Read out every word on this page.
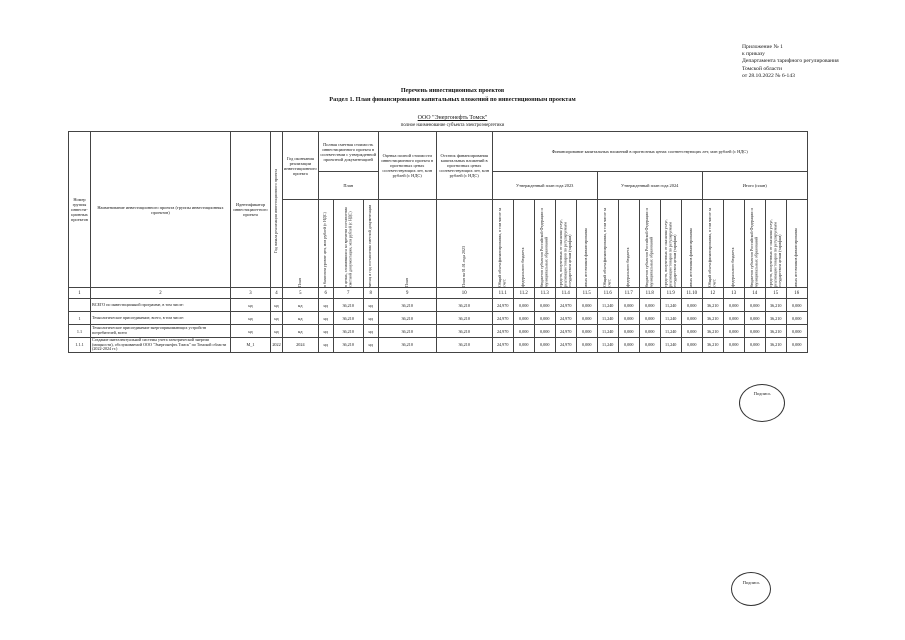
Приложение № 1
к приказу
Департамента тарифного регулирования
Томской области
от 28.10.2022 № 6-143
Перечень инвестиционных проектов
Раздел 1. План финансирования капитальных вложений по инвестиционным проектам
ООО "Энергонефть Томск"
полное наименование субъекта электроэнергетики
Номер группы инвести-ционных проектов	Наименование инвестиционного проекта (группы инвестиционных проектов)	Идентификатор инвестицион-ного проекта	Год начала реализации инвестиционного проекта	Год окончания реализации инвестиционного проекта	Полная сметная стоимость инвестиционного проекта в соответствии с утвержденной проектной документацией			Оценка полной стоимости инвестиционного проекта в прогнозных ценах соответствующих лет, млн рублей (с НДС)	Остаток финансирования капитальных вложений в прогнозных ценах соответствующих лет, млн рублей (с НДС)	Финансирование капитальных вложений в прогнозных ценах соответствующих лет, млн рублей (с НДС)														
					План					Утвержденный план года 2023					Утвержденный план года 2024					Итого (план)				

				План	в базисном уровне цен, млн рублей (с НДС)	в ценах, сложившихся ко времени составления сметной документации, млн рублей (с НДС)	месяц и год составления сметной документации	План	План на 01.01.года 2023	Общий объем финансирования, в том числе за счет:	федерального бюджета	бюджетов субъектов Российской Федерации и муниципальных образований	средств, полученных от оказания услуг, реализации товаров по регулируемым государством ценам (тарифам)	иных источников финансирования	Общий объем финансирования, в том числе за счет:	федерального бюджета	бюджетов субъектов Российской Федерации и муниципальных образований	средств, полученных от оказания услуг, реализации товаров по регулируемым государством ценам (тарифам)	иных источников финансирования	Общий объем финансирования, в том числе за счет:	федерального бюджета	бюджетов субъектов Российской Федерации и муниципальных образований	средств, полученных от оказания услуг, реализации товаров по регулируемым государством ценам (тарифам)	иных источников финансирования

1	2	3	4	5	6	7	8	9	10	11.1	11.2	11.3	11.4	11.5	11.6	11.7	11.8	11.9	11.10	12	13	14	15	16
	ВСЕГО по инвестиционной программе, в том числе:	нд	нд	нд	нд	36,210	нд	36,210	36,210	24,970	0,000	0,000	24,970	0,000	11,240	0,000	0,000	11,240	0,000	36,210	0,000	0,000	36,210	0,000
1	Технологическое присоединение, всего, в том числе:	нд	нд	нд	нд	36,210	нд	36,210	36,210	24,970	0,000	0,000	24,970	0,000	11,240	0,000	0,000	11,240	0,000	36,210	0,000	0,000	36,210	0,000
1.1	Технологическое присоединение энергопринимающих устройств потребителей, всего	нд	нд	нд	нд	36,210	нд	36,210	36,210	24,970	0,000	0,000	24,970	0,000	11,240	0,000	0,000	11,240	0,000	36,210	0,000	0,000	36,210	0,000
1.1.1	Создание интеллектуальной системы учета электрической энергии (мощности), обслуживаемой ООО "Энергонефть Томск" по Томской области (2022-2024 гг.)	М_1	2022	2024	нд	36,210	нд	36,210	36,210	24,970	0,000	0,000	24,970	0,000	11,240	0,000	0,000	11,240	0,000	36,210	0,000	0,000	36,210	0,000
Подпись
Подпись
